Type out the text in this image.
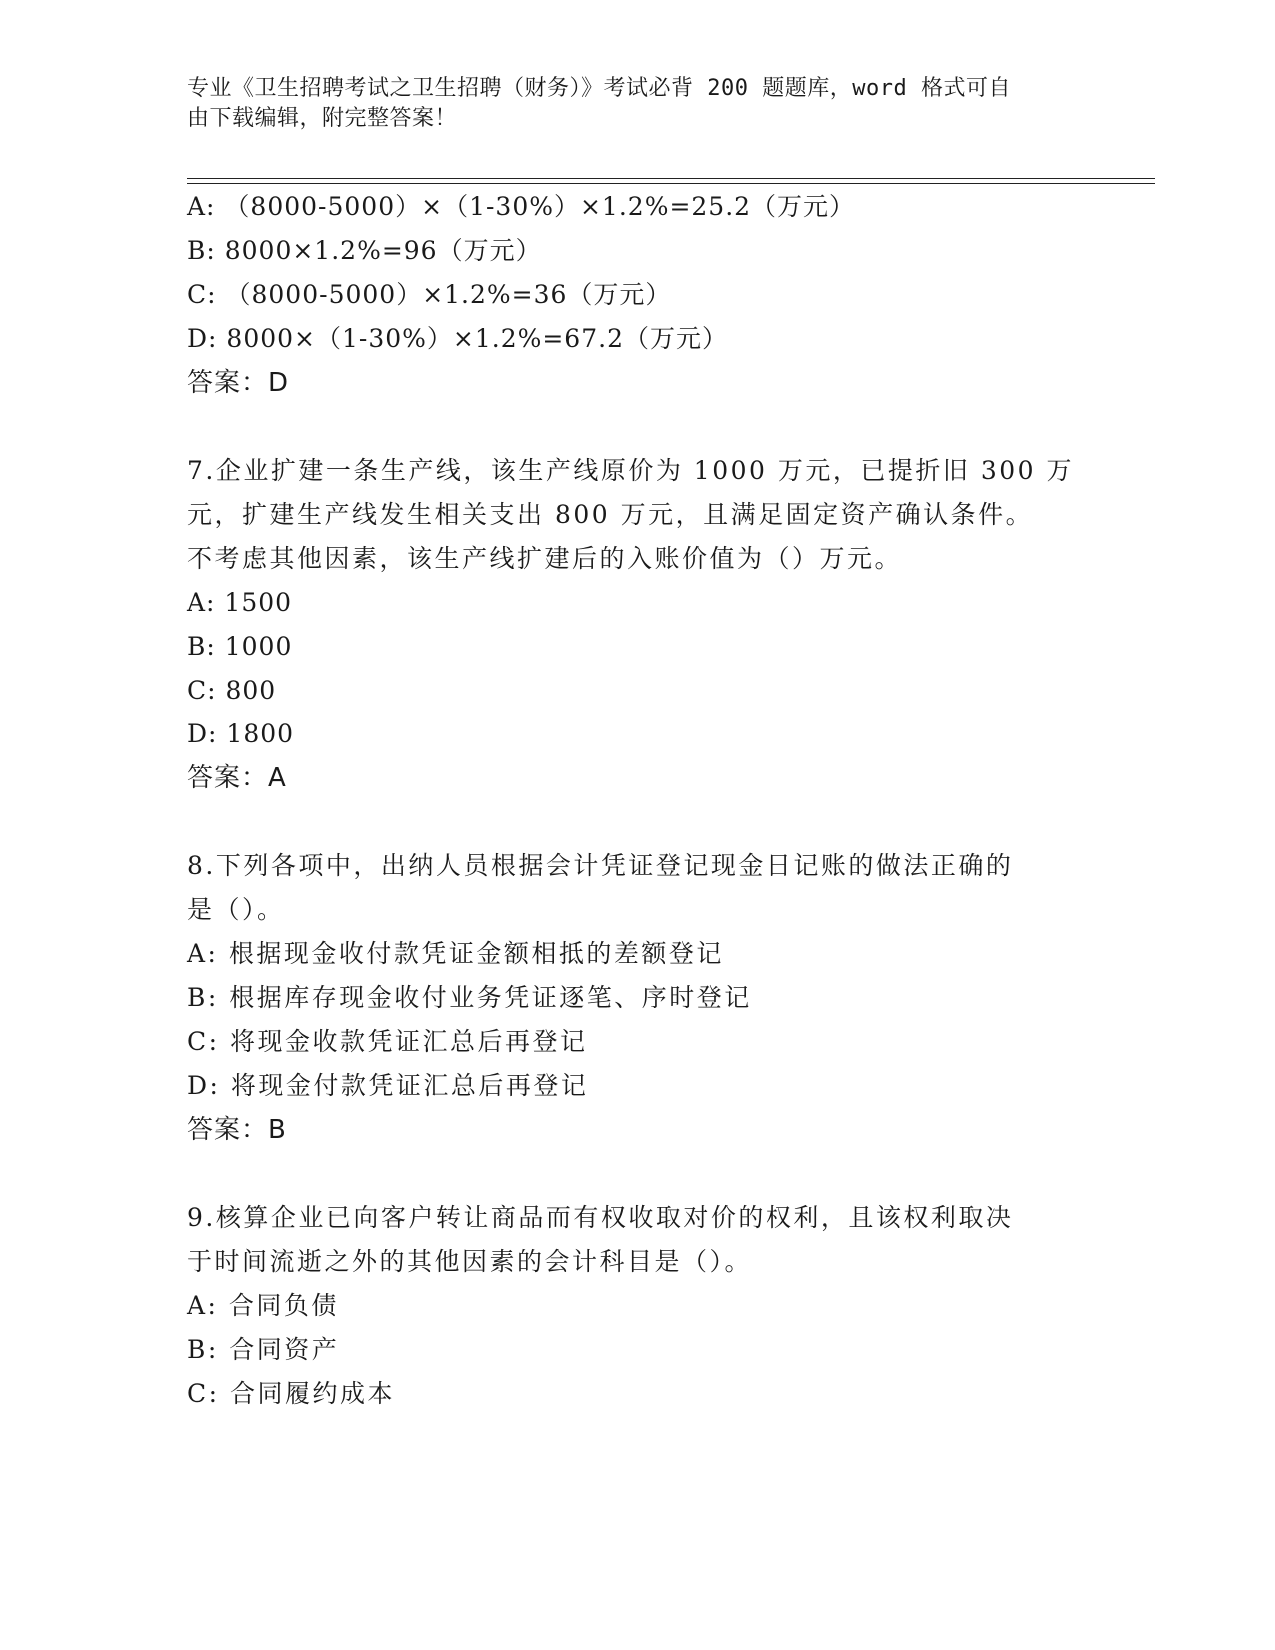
专业《卫生招聘考试之卫生招聘（财务）》考试必背 200 题题库，word 格式可自
由下载编辑，附完整答案！
A: （8000-5000）×（1-30%）×1.2%=25.2（万元）
B: 8000×1.2%=96（万元）
C: （8000-5000）×1.2%=36（万元）
D: 8000×（1-30%）×1.2%=67.2（万元）
答案：D
7.企业扩建一条生产线，该生产线原价为 1000 万元，已提折旧 300 万
元，扩建生产线发生相关支出 800 万元，且满足固定资产确认条件。
不考虑其他因素，该生产线扩建后的入账价值为（）万元。
A: 1500
B: 1000
C: 800
D: 1800
答案：A
8.下列各项中，出纳人员根据会计凭证登记现金日记账的做法正确的
是（）。
A: 根据现金收付款凭证金额相抵的差额登记
B: 根据库存现金收付业务凭证逐笔、序时登记
C: 将现金收款凭证汇总后再登记
D: 将现金付款凭证汇总后再登记
答案：B
9.核算企业已向客户转让商品而有权收取对价的权利，且该权利取决
于时间流逝之外的其他因素的会计科目是（）。
A: 合同负债
B: 合同资产
C: 合同履约成本
